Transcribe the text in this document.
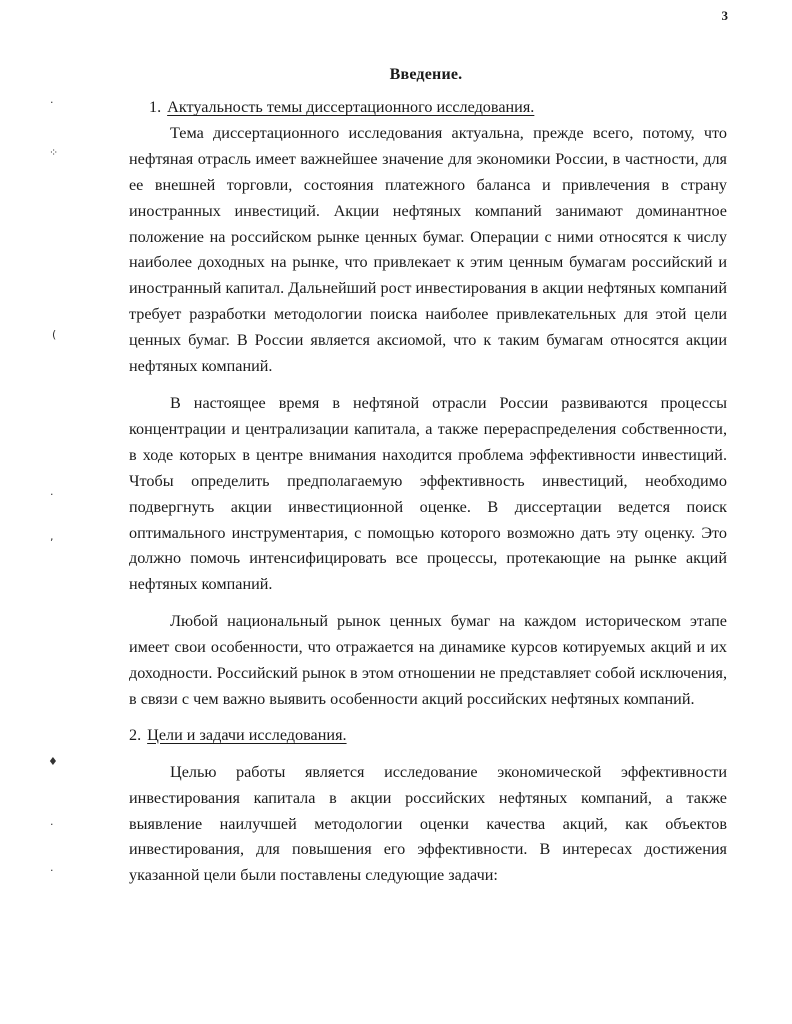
3
Введение.
1. Актуальность темы диссертационного исследования.

Тема диссертационного исследования актуальна, прежде всего, потому, что нефтяная отрасль имеет важнейшее значение для экономики России, в частности, для ее внешней торговли, состояния платежного баланса и привлечения в страну иностранных инвестиций. Акции нефтяных компаний занимают доминантное положение на российском рынке ценных бумаг. Операции с ними относятся к числу наиболее доходных на рынке, что привлекает к этим ценным бумагам российский и иностранный капитал. Дальнейший рост инвестирования в акции нефтяных компаний требует разработки методологии поиска наиболее привлекательных для этой цели ценных бумаг. В России является аксиомой, что к таким бумагам относятся акции нефтяных компаний.

В настоящее время в нефтяной отрасли России развиваются процессы концентрации и централизации капитала, а также перераспределения собственности, в ходе которых в центре внимания находится проблема эффективности инвестиций. Чтобы определить предполагаемую эффективность инвестиций, необходимо подвергнуть акции инвестиционной оценке. В диссертации ведется поиск оптимального инструментария, с помощью которого возможно дать эту оценку. Это должно помочь интенсифицировать все процессы, протекающие на рынке акций нефтяных компаний.

Любой национальный рынок ценных бумаг на каждом историческом этапе имеет свои особенности, что отражается на динамике курсов котируемых акций и их доходности. Российский рынок в этом отношении не представляет собой исключения, в связи с чем важно выявить особенности акций российских нефтяных компаний.

2. Цели и задачи исследования.

Целью работы является исследование экономической эффективности инвестирования капитала в акции российских нефтяных компаний, а также выявление наилучшей методологии оценки качества акций, как объектов инвестирования, для повышения его эффективности. В интересах достижения указанной цели были поставлены следующие задачи:

·
⁘
(
·
,
♦
·
·
